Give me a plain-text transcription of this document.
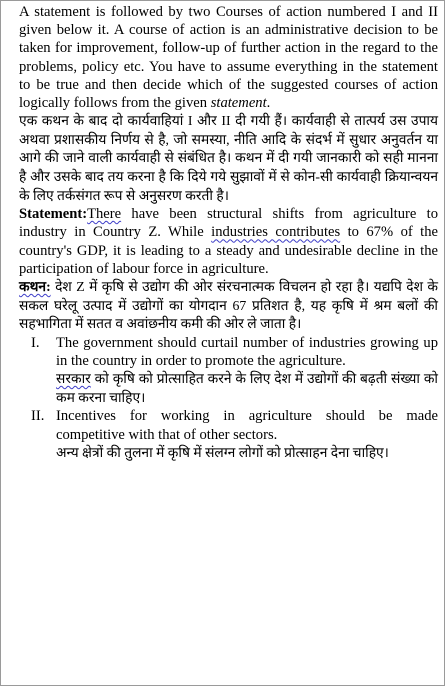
A statement is followed by two Courses of action numbered I and II given below it. A course of action is an administrative decision to be taken for improvement, follow-up of further action in the regard to the problems, policy etc. You have to assume everything in the statement to be true and then decide which of the suggested courses of action logically follows from the given statement.

एक कथन के बाद दो कार्यवाहियां I और II दी गयी हैं। कार्यवाही से तात्पर्य उस उपाय अथवा प्रशासकीय निर्णय से है, जो समस्या, नीति आदि के संदर्भ में सुधार अनुवर्तन या आगे की जाने वाली कार्यवाही से संबंधित है। कथन में दी गयी जानकारी को सही मानना है और उसके बाद तय करना है कि दिये गये सुझावों में से कोन-सी कार्यवाही क्रियान्वयन के लिए तर्कसंगत रूप से अनुसरण करती है।

Statement:There have been structural shifts from agriculture to industry in Country Z. While industries contributes to 67% of the country's GDP, it is leading to a steady and undesirable decline in the participation of labour force in agriculture.

कथन: देश Z में कृषि से उद्योग की ओर संरचनात्मक विचलन हो रहा है। यद्यपि देश के सकल घरेलू उत्पाद में उद्योगों का योगदान 67 प्रतिशत है, यह कृषि में श्रम बलों की सहभागिता में सतत व अवांछनीय कमी की ओर ले जाता है।

I.	The government should curtail number of industries growing up in the country in order to promote the agriculture.

सरकार को कृषि को प्रोत्साहित करने के लिए देश में उद्योगों की बढ़ती संख्या को कम करना चाहिए।

II. Incentives for working in agriculture should be made competitive with that of other sectors.

अन्य क्षेत्रों की तुलना में कृषि में संलग्न लोगों को प्रोत्साहन देना चाहिए।
